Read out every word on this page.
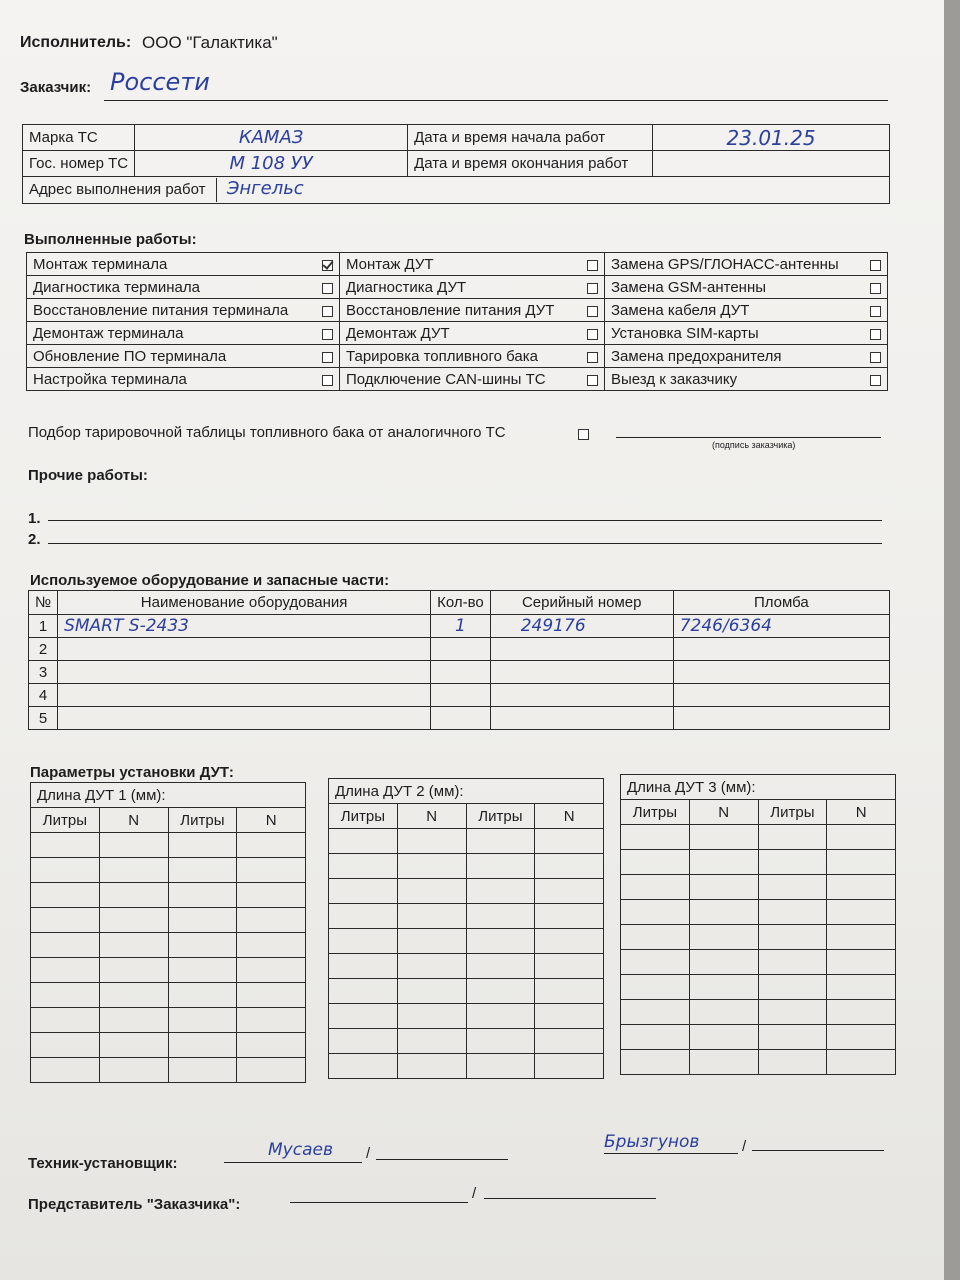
Исполнитель: ООО "Галактика"
Заказчик: Россети
Марка ТС	КАМАЗ	Дата и время начала работ	23.01.25
Гос. номер ТС	М 108 УУ	Дата и время окончания работ	
Адрес выполнения работ Энгельс			
Выполненные работы:
Монтаж терминала	Монтаж ДУТ	Замена GPS/ГЛОНАСС-антенны

Диагностика терминала	Диагностика ДУТ	Замена GSM-антенны

Восстановление питания терминала	Восстановление питания ДУТ	Замена кабеля ДУТ

Демонтаж терминала	Демонтаж ДУТ	Установка SIM-карты

Обновление ПО терминала	Тарировка топливного бака	Замена предохранителя

Настройка терминала	Подключение CAN-шины ТС	Выезд к заказчику
Подбор тарировочной таблицы топливного бака от аналогичного ТС
(подпись заказчика)
Прочие работы:
1.
2.
Используемое оборудование и запасные части:
№	Наименование оборудования	Кол-во	Серийный номер	Пломба
1	SMART S-2433	1	249176	7246/6364
2				
3				
4				
5				
Параметры установки ДУТ:
Длина ДУТ 1 (мм):			
Литры	N	Литры	N

Длина ДУТ 2 (мм):			
Литры	N	Литры	N

Длина ДУТ 3 (мм):			
Литры	N	Литры	N

Техник-установщик:
Мусаев /
Брызгунов	/
Представитель "Заказчика":
/
